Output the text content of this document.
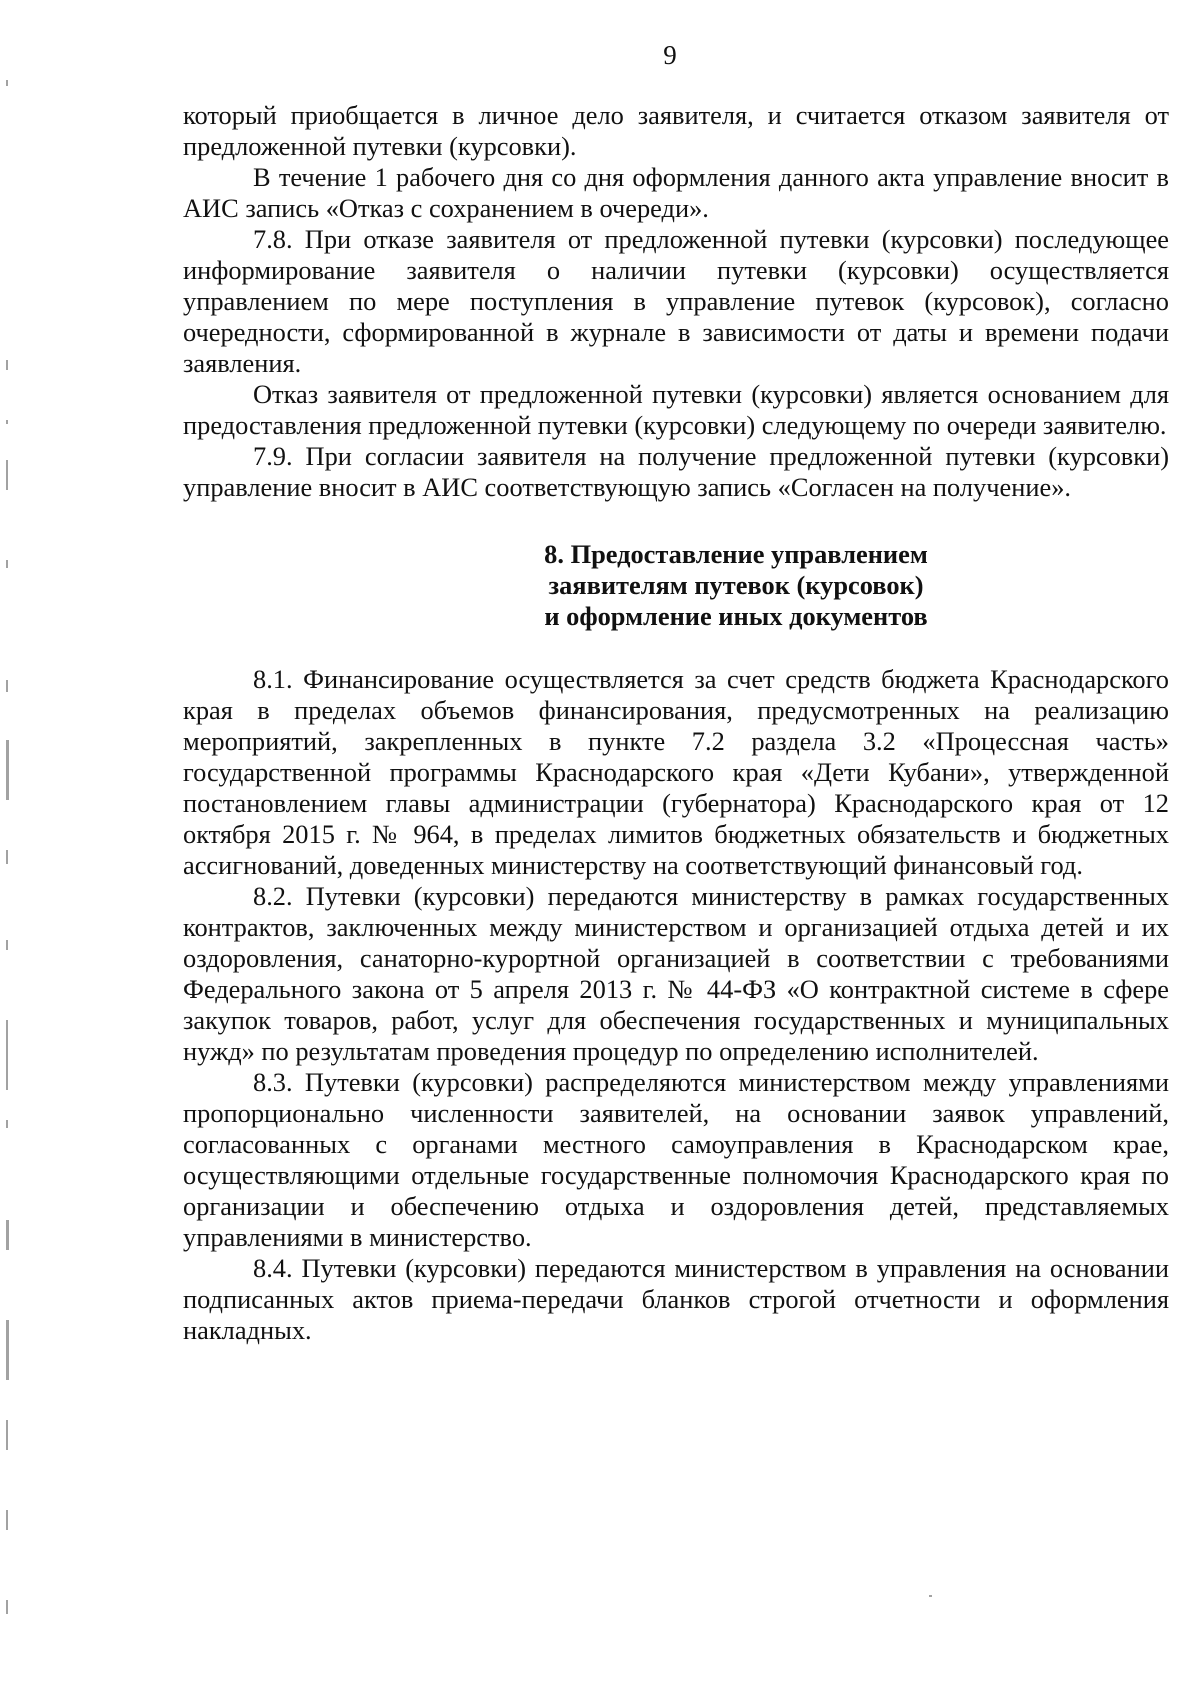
9

который приобщается в личное дело заявителя, и считается отказом заявителя от предложенной путевки (курсовки).

В течение 1 рабочего дня со дня оформления данного акта управление вносит в АИС запись «Отказ с сохранением в очереди».

7.8. При отказе заявителя от предложенной путевки (курсовки) последующее информирование заявителя о наличии путевки (курсовки) осуществляется управлением по мере поступления в управление путевок (курсовок), согласно очередности, сформированной в журнале в зависимости от даты и времени подачи заявления.

Отказ заявителя от предложенной путевки (курсовки) является основанием для предоставления предложенной путевки (курсовки) следующему по очереди заявителю.

7.9. При согласии заявителя на получение предложенной путевки (курсовки) управление вносит в АИС соответствующую запись «Согласен на получение».

8. Предоставление управлением
заявителям путевок (курсовок)
и оформление иных документов

8.1. Финансирование осуществляется за счет средств бюджета Краснодарского края в пределах объемов финансирования, предусмотренных на реализацию мероприятий, закрепленных в пункте 7.2 раздела 3.2 «Процессная часть» государственной программы Краснодарского края «Дети Кубани», утвержденной постановлением главы администрации (губернатора) Краснодарского края от 12 октября 2015 г. № 964, в пределах лимитов бюджетных обязательств и бюджетных ассигнований, доведенных министерству на соответствующий финансовый год.

8.2. Путевки (курсовки) передаются министерству в рамках государственных контрактов, заключенных между министерством и организацией отдыха детей и их оздоровления, санаторно-курортной организацией в соответствии с требованиями Федерального закона от 5 апреля 2013 г. № 44-ФЗ «О контрактной системе в сфере закупок товаров, работ, услуг для обеспечения государственных и муниципальных нужд» по результатам проведения процедур по определению исполнителей.

8.3. Путевки (курсовки) распределяются министерством между управлениями пропорционально численности заявителей, на основании заявок управлений, согласованных с органами местного самоуправления в Краснодарском крае, осуществляющими отдельные государственные полномочия Краснодарского края по организации и обеспечению отдыха и оздоровления детей, представляемых управлениями в министерство.

8.4. Путевки (курсовки) передаются министерством в управления на основании подписанных актов приема-передачи бланков строгой отчетности и оформления накладных.
